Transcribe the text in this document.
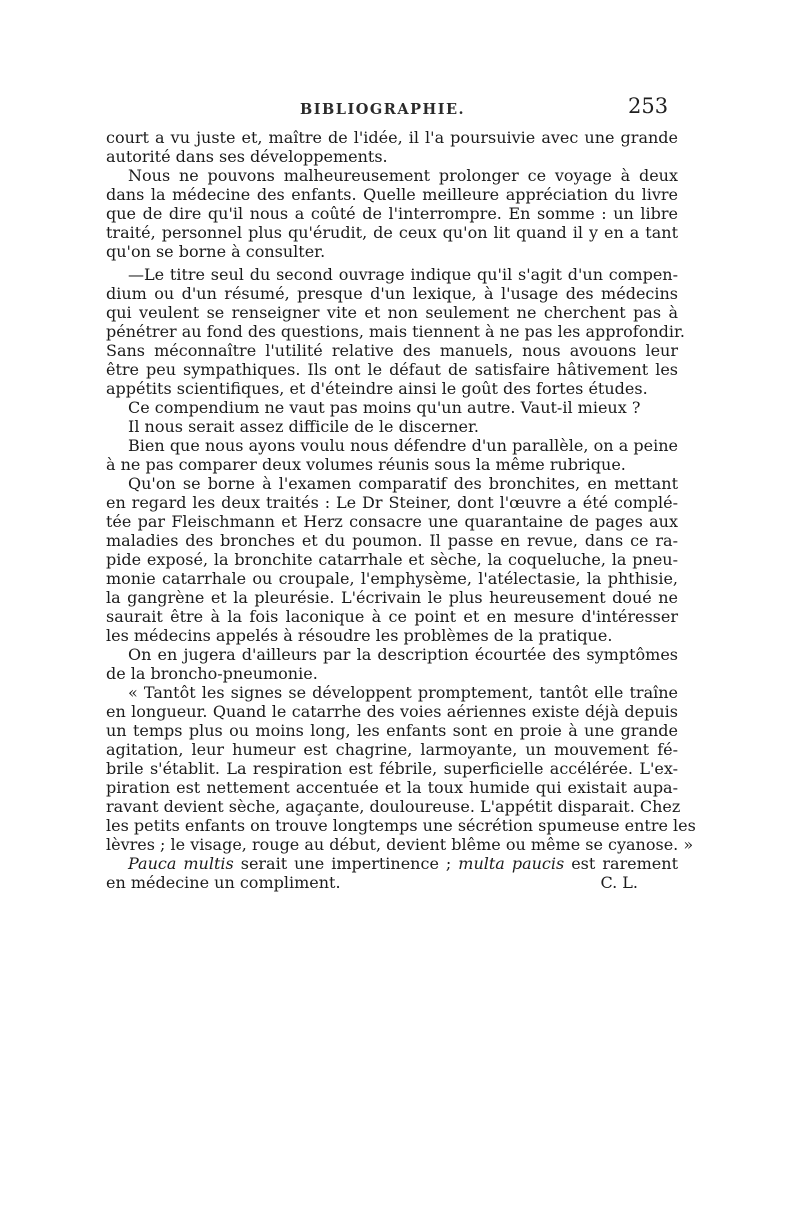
BIBLIOGRAPHIE.	253
court a vu juste et, maître de l'idée, il l'a poursuivie avec une grande
autorité dans ses développements.
Nous ne pouvons malheureusement prolonger ce voyage à deux
dans la médecine des enfants. Quelle meilleure appréciation du livre
que de dire qu'il nous a coûté de l'interrompre. En somme : un libre
traité, personnel plus qu'érudit, de ceux qu'on lit quand il y en a tant
qu'on se borne à consulter.
—Le titre seul du second ouvrage indique qu'il s'agit d'un compen-
dium ou d'un résumé, presque d'un lexique, à l'usage des médecins
qui veulent se renseigner vite et non seulement ne cherchent pas à
pénétrer au fond des questions, mais tiennent à ne pas les approfondir.
Sans méconnaître l'utilité relative des manuels, nous avouons leur
être peu sympathiques. Ils ont le défaut de satisfaire hâtivement les
appétits scientifiques, et d'éteindre ainsi le goût des fortes études.
Ce compendium ne vaut pas moins qu'un autre. Vaut-il mieux ?
Il nous serait assez difficile de le discerner.
Bien que nous ayons voulu nous défendre d'un parallèle, on a peine
à ne pas comparer deux volumes réunis sous la même rubrique.
Qu'on se borne à l'examen comparatif des bronchites, en mettant
en regard les deux traités : Le Dr Steiner, dont l'œuvre a été complé-
tée par Fleischmann et Herz consacre une quarantaine de pages aux
maladies des bronches et du poumon. Il passe en revue, dans ce ra-
pide exposé, la bronchite catarrhale et sèche, la coqueluche, la pneu-
monie catarrhale ou croupale, l'emphysème, l'atélectasie, la phthisie,
la gangrène et la pleurésie. L'écrivain le plus heureusement doué ne
saurait être à la fois laconique à ce point et en mesure d'intéresser
les médecins appelés à résoudre les problèmes de la pratique.
On en jugera d'ailleurs par la description écourtée des symptômes
de la broncho-pneumonie.
« Tantôt les signes se développent promptement, tantôt elle traîne
en longueur. Quand le catarrhe des voies aériennes existe déjà depuis
un temps plus ou moins long, les enfants sont en proie à une grande
agitation, leur humeur est chagrine, larmoyante, un mouvement fé-
brile s'établit. La respiration est fébrile, superficielle accélérée. L'ex-
piration est nettement accentuée et la toux humide qui existait aupa-
ravant devient sèche, agaçante, douloureuse. L'appétit disparait. Chez
les petits enfants on trouve longtemps une sécrétion spumeuse entre les
lèvres ; le visage, rouge au début, devient blême ou même se cyanose. »
Pauca multis serait une impertinence ; multa paucis est rarement
en médecine un compliment.	C. L.
